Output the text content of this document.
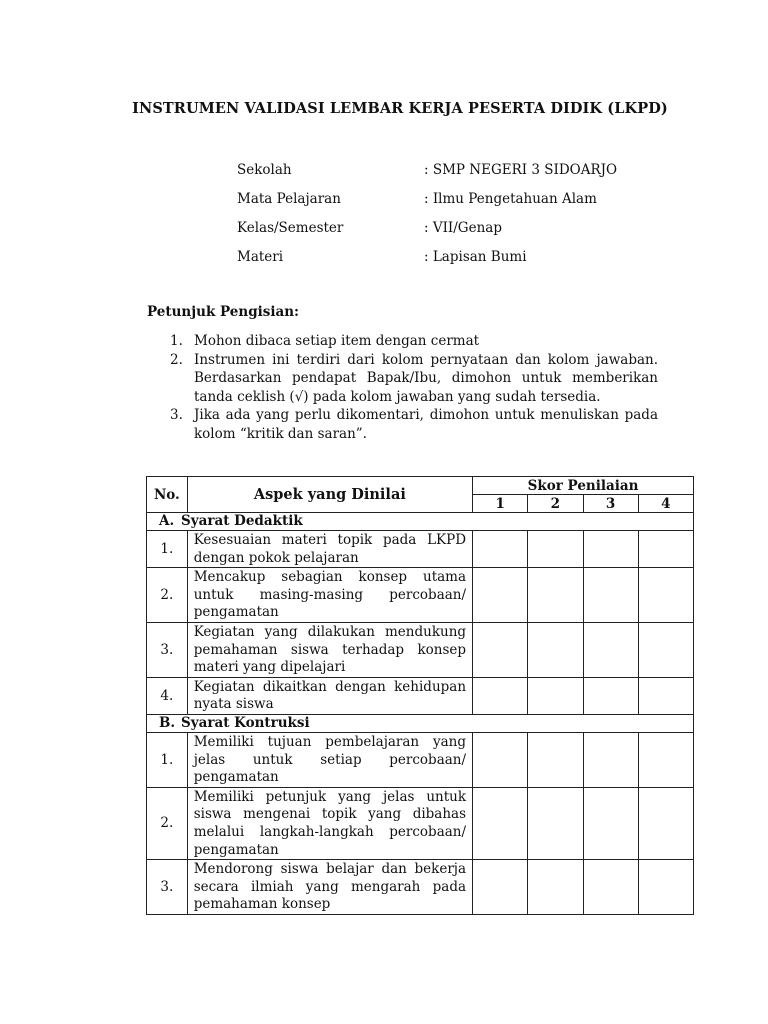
INSTRUMEN VALIDASI LEMBAR KERJA PESERTA DIDIK (LKPD)
Sekolah	: SMP NEGERI 3 SIDOARJO
Mata Pelajaran	: Ilmu Pengetahuan Alam
Kelas/Semester	: VII/Genap
Materi	: Lapisan Bumi
Petunjuk Pengisian:
1. Mohon dibaca setiap item dengan cermat
2. Instrumen ini terdiri dari kolom pernyataan dan kolom jawaban. Berdasarkan pendapat Bapak/Ibu, dimohon untuk memberikan tanda ceklish (√) pada kolom jawaban yang sudah tersedia.
3. Jika ada yang perlu dikomentari, dimohon untuk menuliskan pada kolom “kritik dan saran”.
No.	Aspek yang Dinilai	Skor Penilaian			
		1	2	3	4
A. Syarat Dedaktik					
1.	Kesesuaian materi topik pada LKPD dengan pokok pelajaran				
2.	Mencakup sebagian konsep utama untuk masing-masing percobaan/ pengamatan				
3.	Kegiatan yang dilakukan mendukung pemahaman siswa terhadap konsep materi yang dipelajari				
4.	Kegiatan dikaitkan dengan kehidupan nyata siswa				
B. Syarat Kontruksi					
1.	Memiliki tujuan pembelajaran yang jelas untuk setiap percobaan/ pengamatan				
2.	Memiliki petunjuk yang jelas untuk siswa mengenai topik yang dibahas melalui langkah-langkah percobaan/ pengamatan				
3.	Mendorong siswa belajar dan bekerja secara ilmiah yang mengarah pada pemahaman konsep				
